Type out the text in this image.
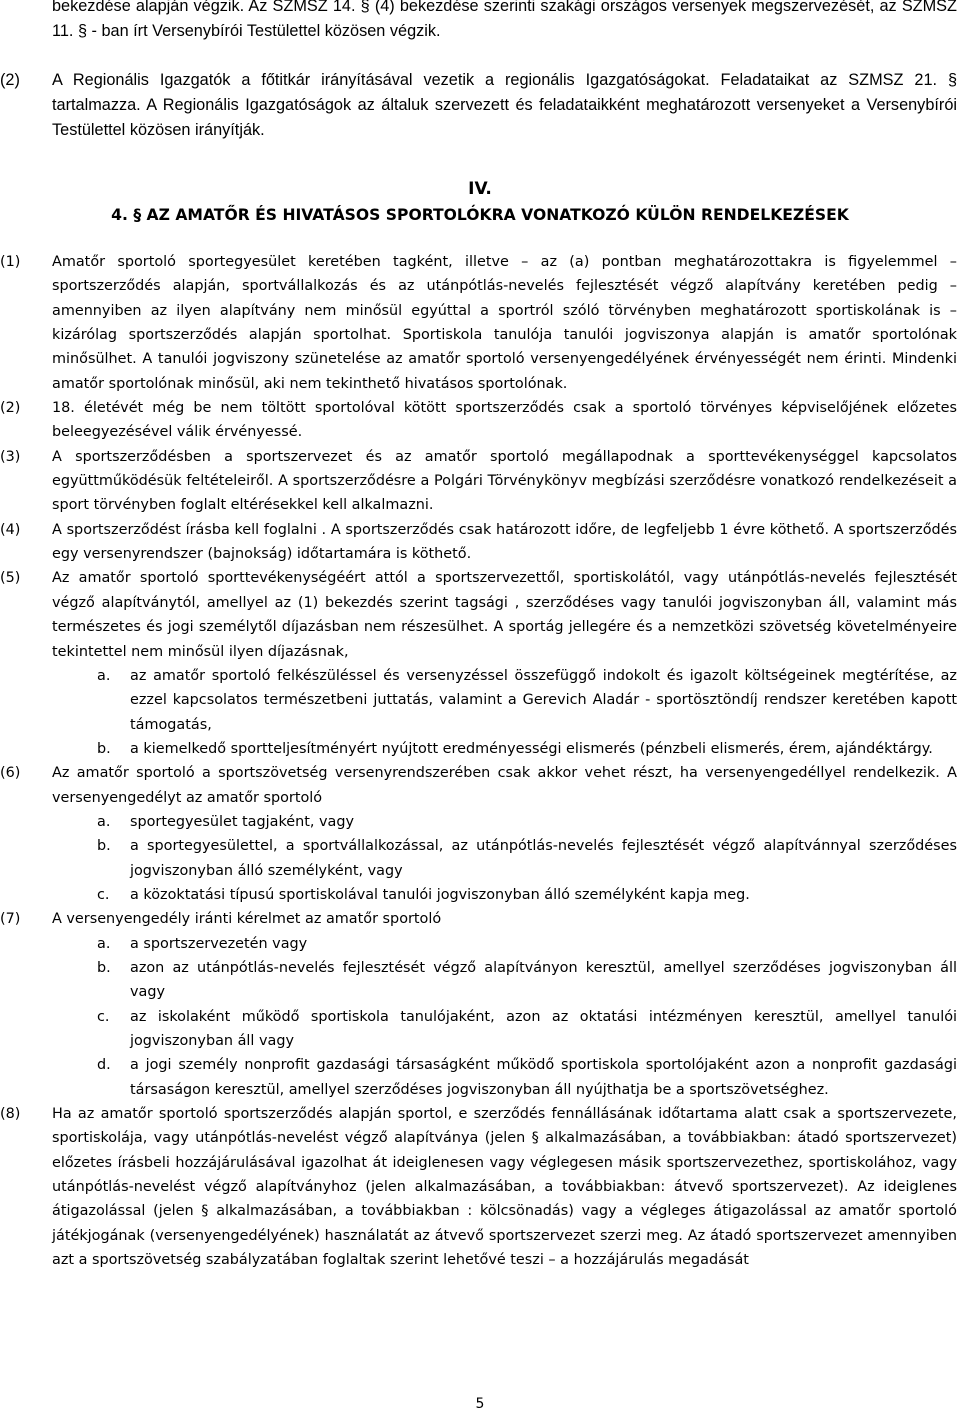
bekezdése alapján végzik. Az SZMSZ 14. § (4) bekezdése szerinti szakági országos versenyek megszervezését, az SZMSZ 11. § - ban írt Versenybírói Testülettel közösen végzik.

(2) A Regionális Igazgatók a főtitkár irányításával vezetik a regionális Igazgatóságokat. Feladataikat az SZMSZ 21. § tartalmazza. A Regionális Igazgatóságok az általuk szervezett és feladataikként meghatározott versenyeket a Versenybírói Testülettel közösen irányítják.

IV.
4. § AZ AMATŐR ÉS HIVATÁSOS SPORTOLÓKRA VONATKOZÓ KÜLÖN RENDELKEZÉSEK
(1) Amatőr sportoló sportegyesület keretében tagként, illetve – az (a) pontban meghatározottakra is figyelemmel – sportszerződés alapján, sportvállalkozás és az utánpótlás-nevelés fejlesztését végző alapítvány keretében pedig – amennyiben az ilyen alapítvány nem minősül egyúttal a sportról szóló törvényben meghatározott sportiskolának is – kizárólag sportszerződés alapján sportolhat. Sportiskola tanulója tanulói jogviszonya alapján is amatőr sportolónak minősülhet. A tanulói jogviszony szünetelése az amatőr sportoló versenyengedélyének érvényességét nem érinti. Mindenki amatőr sportolónak minősül, aki nem tekinthető hivatásos sportolónak.
(2) 18. életévét még be nem töltött sportolóval kötött sportszerződés csak a sportoló törvényes képviselőjének előzetes beleegyezésével válik érvényessé.
(3) A sportszerződésben a sportszervezet és az amatőr sportoló megállapodnak a sporttevékenységgel kapcsolatos együttműködésük feltételeiről. A sportszerződésre a Polgári Törvénykönyv megbízási szerződésre vonatkozó rendelkezéseit a sport törvényben foglalt eltérésekkel kell alkalmazni.
(4) A sportszerződést írásba kell foglalni . A sportszerződés csak határozott időre, de legfeljebb 1 évre köthető. A sportszerződés egy versenyrendszer (bajnokság) időtartamára is köthető.
(5) Az amatőr sportoló sporttevékenységéért attól a sportszervezettől, sportiskolától, vagy utánpótlás-nevelés fejlesztését végző alapítványtól, amellyel az (1) bekezdés szerint tagsági , szerződéses vagy tanulói jogviszonyban áll, valamint más természetes és jogi személytől díjazásban nem részesülhet. A sportág jellegére és a nemzetközi szövetség követelményeire tekintettel nem minősül ilyen díjazásnak,
a. az amatőr sportoló felkészüléssel és versenyzéssel összefüggő indokolt és igazolt költségeinek megtérítése, az ezzel kapcsolatos természetbeni juttatás, valamint a Gerevich Aladár - sportösztöndíj rendszer keretében kapott támogatás,
b. a kiemelkedő sportteljesítményért nyújtott eredményességi elismerés (pénzbeli elismerés, érem, ajándéktárgy.
(6) Az amatőr sportoló a sportszövetség versenyrendszerében csak akkor vehet részt, ha versenyengedéllyel rendelkezik. A versenyengedélyt az amatőr sportoló
a. sportegyesület tagjaként, vagy
b. a sportegyesülettel, a sportvállalkozással, az utánpótlás-nevelés fejlesztését végző alapítvánnyal szerződéses jogviszonyban álló személyként, vagy
c. a közoktatási típusú sportiskolával tanulói jogviszonyban álló személyként kapja meg.
(7) A versenyengedély iránti kérelmet az amatőr sportoló
a. a sportszervezetén vagy
b. azon az utánpótlás-nevelés fejlesztését végző alapítványon keresztül, amellyel szerződéses jogviszonyban áll vagy
c. az iskolaként működő sportiskola tanulójaként, azon az oktatási intézményen keresztül, amellyel tanulói jogviszonyban áll vagy
d. a jogi személy nonprofit gazdasági társaságként működő sportiskola sportolójaként azon a nonprofit gazdasági társaságon keresztül, amellyel szerződéses jogviszonyban áll nyújthatja be a sportszövetséghez.
(8) Ha az amatőr sportoló sportszerződés alapján sportol, e szerződés fennállásának időtartama alatt csak a sportszervezete, sportiskolája, vagy utánpótlás-nevelést végző alapítványa (jelen § alkalmazásában, a továbbiakban: átadó sportszervezet) előzetes írásbeli hozzájárulásával igazolhat át ideiglenesen vagy véglegesen másik sportszervezethez, sportiskolához, vagy utánpótlás-nevelést végző alapítványhoz (jelen alkalmazásában, a továbbiakban: átvevő sportszervezet). Az ideiglenes átigazolással (jelen § alkalmazásában, a továbbiakban : kölcsönadás) vagy a végleges átigazolással az amatőr sportoló játékjogának (versenyengedélyének) használatát az átvevő sportszervezet szerzi meg. Az átadó sportszervezet amennyiben azt a sportszövetség szabályzatában foglaltak szerint lehetővé teszi – a hozzájárulás megadását
5
